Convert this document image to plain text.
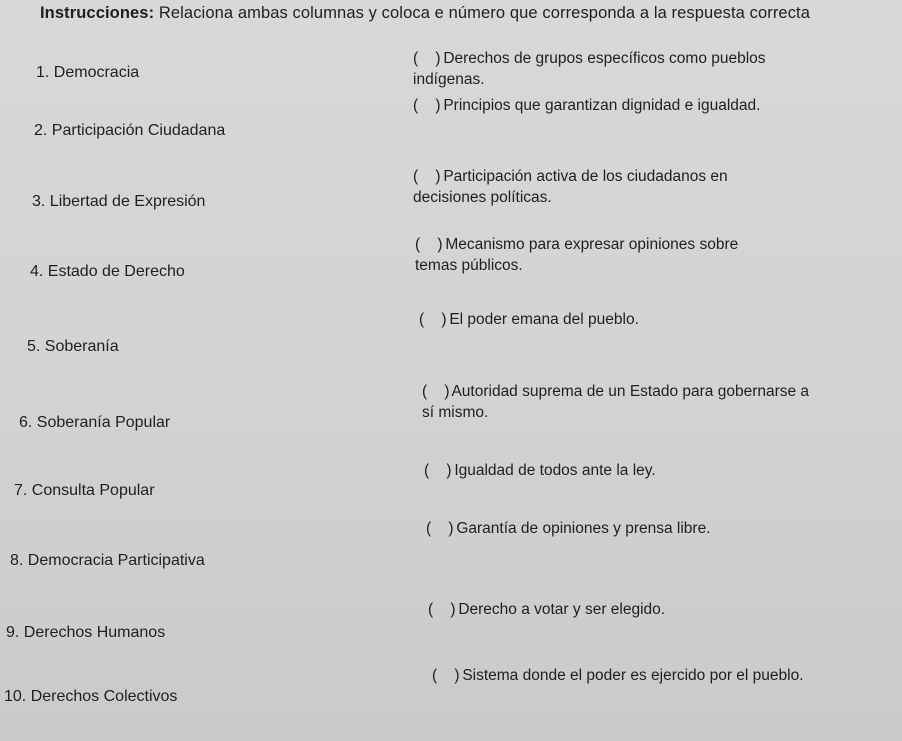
Instrucciones: Relaciona ambas columnas y coloca e número que corresponda a la respuesta correcta
1. Democracia
2. Participación Ciudadana
3. Libertad de Expresión
4. Estado de Derecho
5. Soberanía
6. Soberanía Popular
7. Consulta Popular
8. Democracia Participativa
9. Derechos Humanos
10. Derechos Colectivos
( ) Derechos de grupos específicos como pueblos indígenas.
( ) Principios que garantizan dignidad e igualdad.
( ) Participación activa de los ciudadanos en decisiones políticas.
( ) Mecanismo para expresar opiniones sobre temas públicos.
( ) El poder emana del pueblo.
( ) Autoridad suprema de un Estado para gobernarse a sí mismo.
( ) Igualdad de todos ante la ley.
( ) Garantía de opiniones y prensa libre.
( ) Derecho a votar y ser elegido.
( ) Sistema donde el poder es ejercido por el pueblo.
